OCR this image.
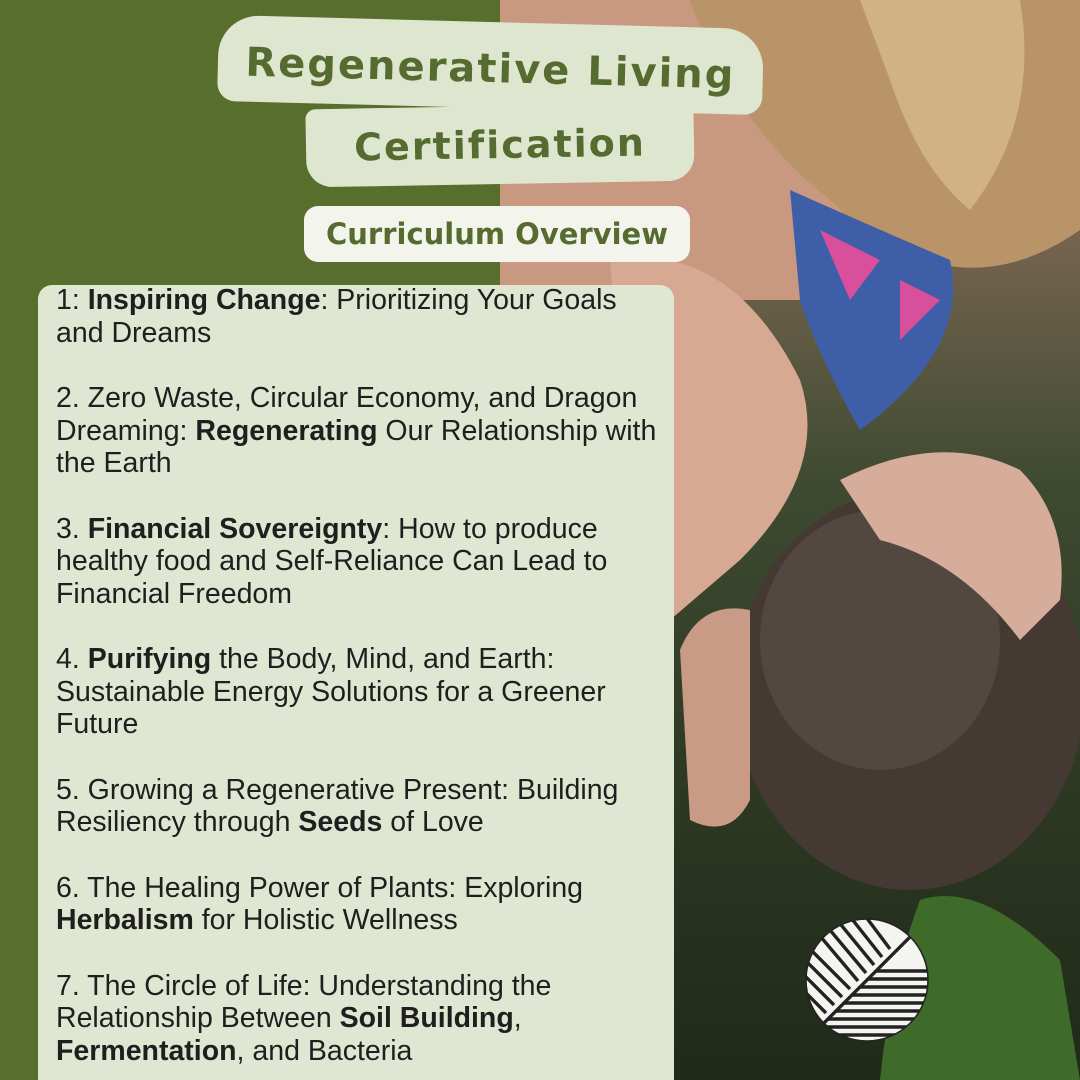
Regenerative Living
Certification
Curriculum Overview
1: Inspiring Change: Prioritizing Your Goals and Dreams
2. Zero Waste, Circular Economy, and Dragon Dreaming: Regenerating Our Relationship with the Earth
3. Financial Sovereignty: How to produce healthy food and Self-Reliance Can Lead to Financial Freedom
4. Purifying the Body, Mind, and Earth: Sustainable Energy Solutions for a Greener Future
5. Growing a Regenerative Present: Building Resiliency through Seeds of Love
6. The Healing Power of Plants: Exploring Herbalism for Holistic Wellness
7. The Circle of Life: Understanding the Relationship Between Soil Building, Fermentation, and Bacteria
